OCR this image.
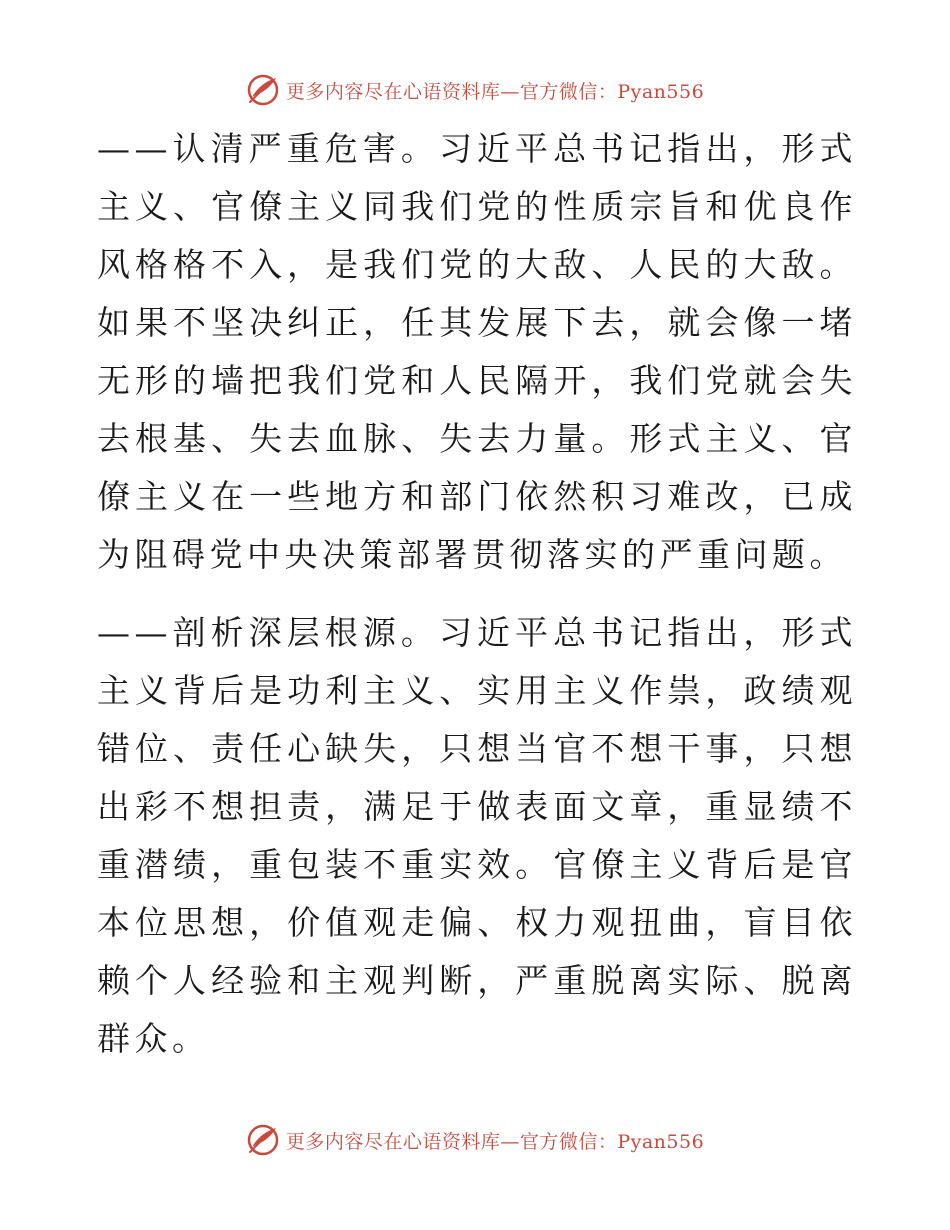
更多内容尽在心语资料库—官方微信：Pyan556

——认清严重危害。习近平总书记指出，形式主义、官僚主义同我们党的性质宗旨和优良作风格格不入，是我们党的大敌、人民的大敌。如果不坚决纠正，任其发展下去，就会像一堵无形的墙把我们党和人民隔开，我们党就会失去根基、失去血脉、失去力量。形式主义、官僚主义在一些地方和部门依然积习难改，已成为阻碍党中央决策部署贯彻落实的严重问题。

——剖析深层根源。习近平总书记指出，形式主义背后是功利主义、实用主义作祟，政绩观错位、责任心缺失，只想当官不想干事，只想出彩不想担责，满足于做表面文章，重显绩不重潜绩，重包装不重实效。官僚主义背后是官本位思想，价值观走偏、权力观扭曲，盲目依赖个人经验和主观判断，严重脱离实际、脱离群众。

更多内容尽在心语资料库—官方微信：Pyan556
